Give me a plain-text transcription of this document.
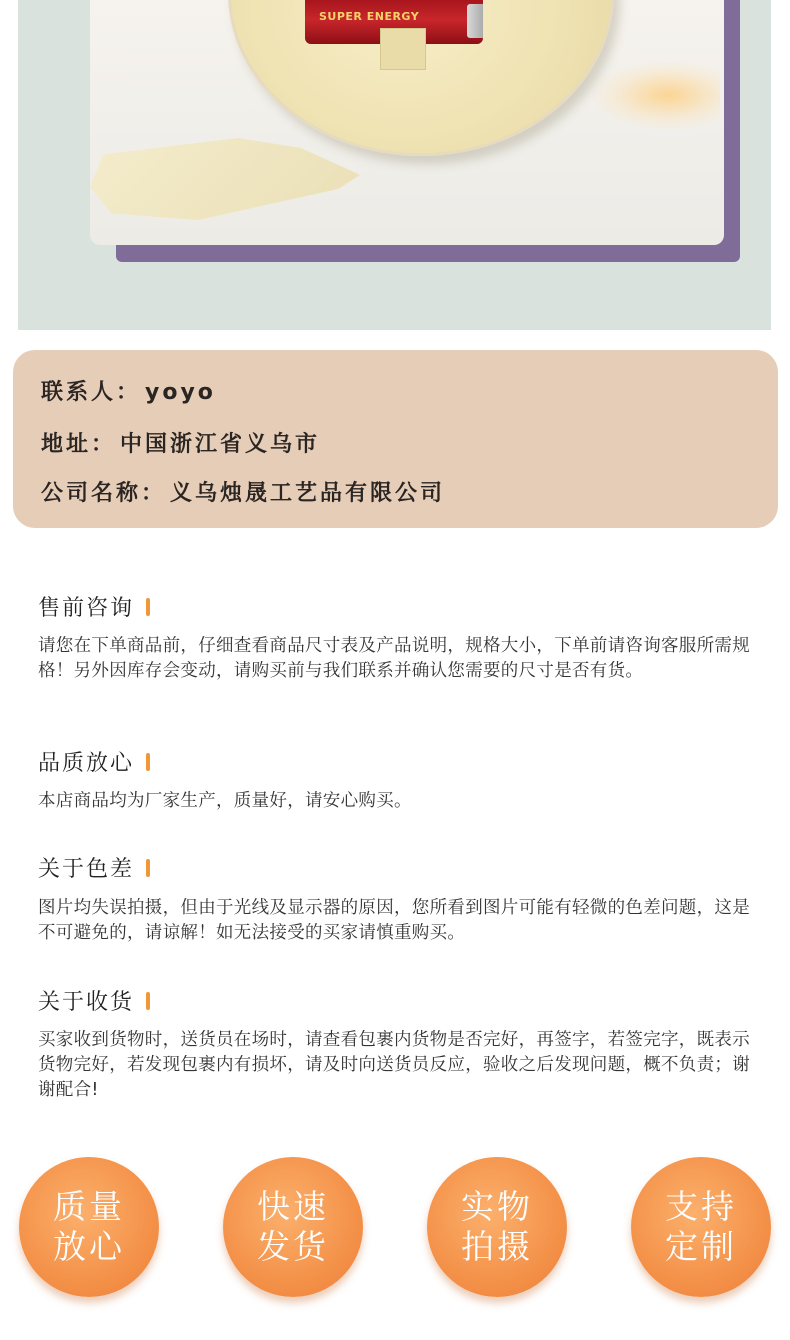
SUPER ENERGY
联系人： yoyo
地址： 中国浙江省义乌市
公司名称： 义乌烛晟工艺品有限公司
售前咨询
请您在下单商品前，仔细查看商品尺寸表及产品说明，规格大小，下单前请咨询客服所需规格！另外因库存会变动，请购买前与我们联系并确认您需要的尺寸是否有货。
品质放心
本店商品均为厂家生产，质量好，请安心购买。
关于色差
图片均失误拍摄，但由于光线及显示器的原因，您所看到图片可能有轻微的色差问题，这是不可避免的，请谅解！如无法接受的买家请慎重购买。
关于收货
买家收到货物时，送货员在场时，请查看包裹内货物是否完好，再签字，若签完字，既表示货物完好，若发现包裹内有损坏，请及时向送货员反应，验收之后发现问题，概不负责；谢谢配合!
质量
放心
快速
发货
实物
拍摄
支持
定制
